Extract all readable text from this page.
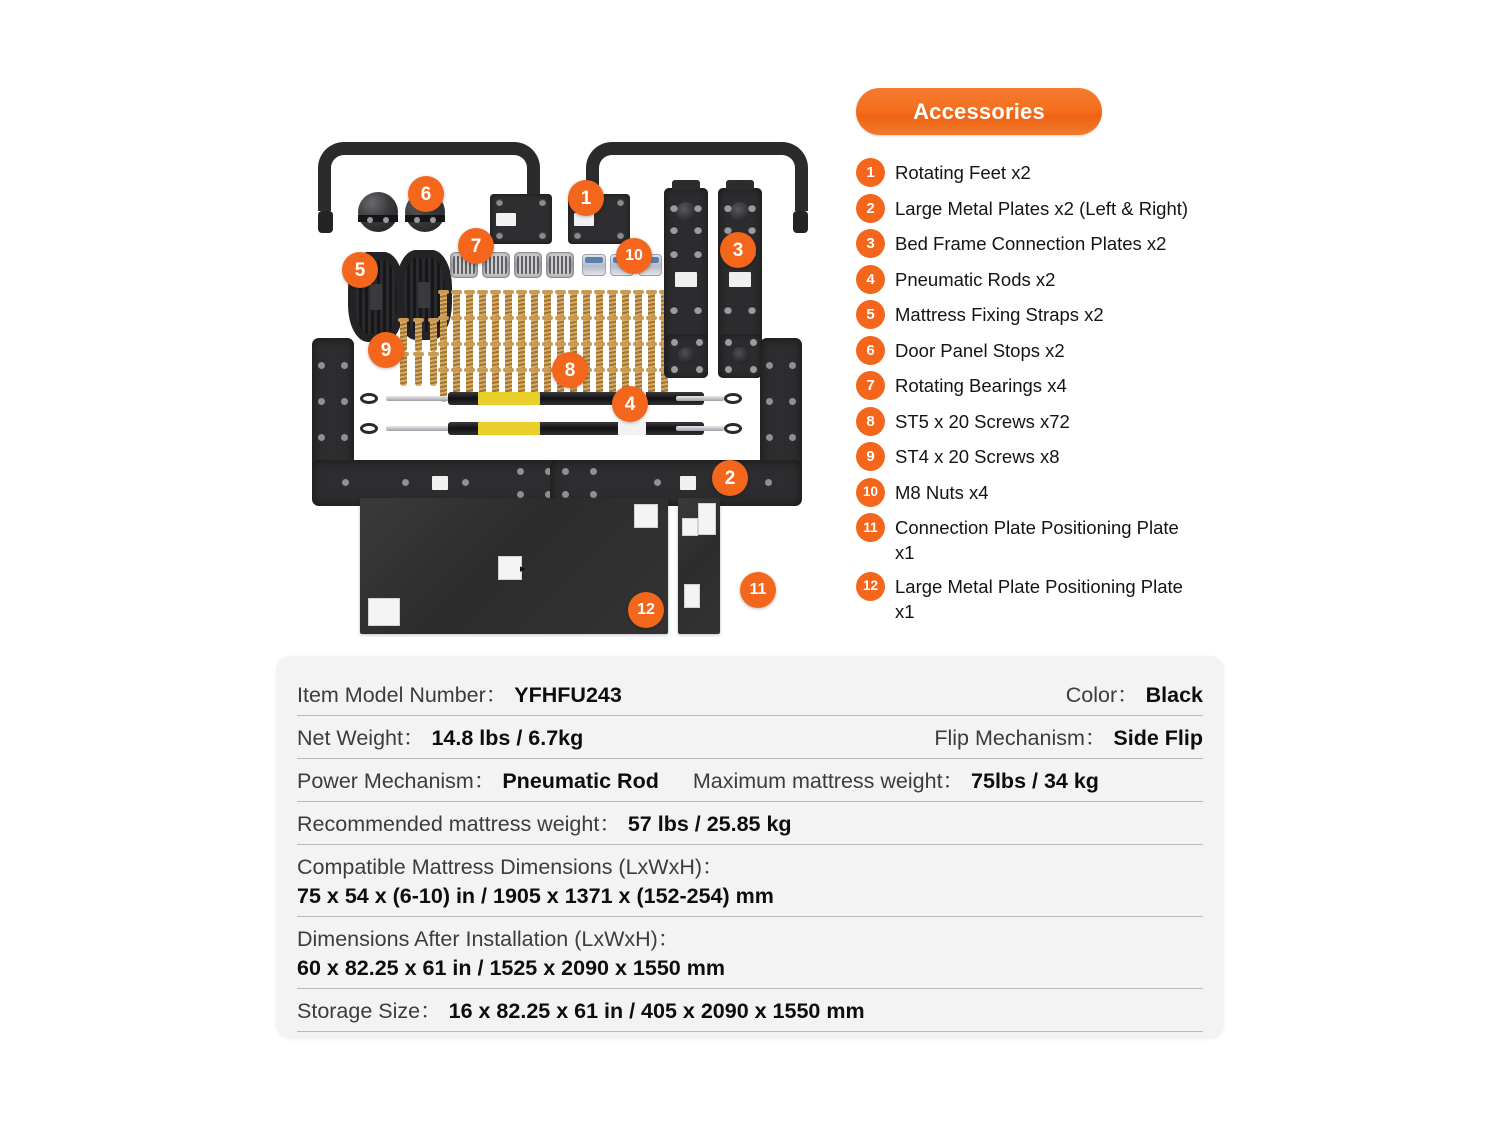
Accessories
1	Rotating Feet x2
2	Large Metal Plates x2 (Left & Right)
3	Bed Frame Connection Plates x2
4	Pneumatic Rods x2
5	Mattress Fixing Straps x2
6	Door Panel Stops x2
7	Rotating Bearings x4
8	ST5 x 20 Screws x72
9	ST4 x 20 Screws x8
10 M8 Nuts x4
11 Connection Plate Positioning Plate x1
12 Large Metal Plate Positioning Plate x1
▸
1
6
7	3
10
5
9
8
4
2
11
12
Item Model Number： YFHFU243	Color： Black
Net Weight： 14.8 lbs / 6.7kg	Flip Mechanism： Side Flip
Power Mechanism： Pneumatic Rod Maximum mattress weight： 75lbs / 34 kg
Recommended mattress weight： 57 lbs / 25.85 kg
Compatible Mattress Dimensions (LxWxH)：
75 x 54 x (6-10) in / 1905 x 1371 x (152-254) mm
Dimensions After Installation (LxWxH)：
60 x 82.25 x 61 in / 1525 x 2090 x 1550 mm
Storage Size： 16 x 82.25 x 61 in / 405 x 2090 x 1550 mm
